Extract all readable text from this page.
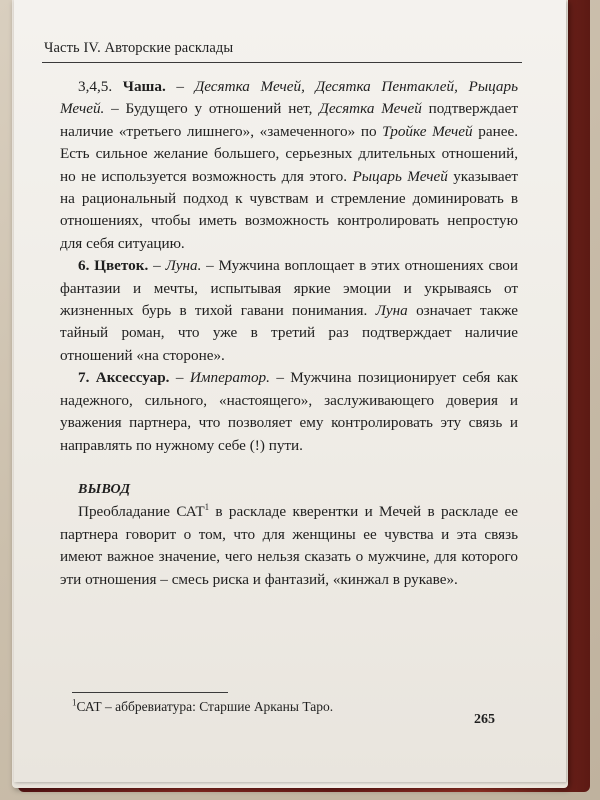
Часть IV. Авторские расклады

3,4,5. Чаша. – Десятка Мечей, Десятка Пентаклей, Рыцарь Мечей. – Будущего у отношений нет, Десятка Мечей подтверждает наличие «третьего лишнего», «замеченного» по Тройке Мечей ранее. Есть сильное желание большего, серьезных длительных отношений, но не используется возможность для этого. Рыцарь Мечей указывает на рациональный подход к чувствам и стремление доминировать в отношениях, чтобы иметь возможность контролировать непростую для себя ситуацию.

6. Цветок. – Луна. – Мужчина воплощает в этих отношениях свои фантазии и мечты, испытывая яркие эмоции и укрываясь от жизненных бурь в тихой гавани понимания. Луна означает также тайный роман, что уже в третий раз подтверждает наличие отношений «на стороне».

7. Аксессуар. – Император. – Мужчина позиционирует себя как надежного, сильного, «настоящего», заслуживающего доверия и уважения партнера, что позволяет ему контролировать эту связь и направлять по нужному себе (!) пути.

ВЫВОД

Преобладание САТ$^1$ в раскладе кверентки и Мечей в раскладе ее партнера говорит о том, что для женщины ее чувства и эта связь имеют важное значение, чего нельзя сказать о мужчине, для которого эти отношения – смесь риска и фантазий, «кинжал в рукаве».

$^1$САТ – аббревиатура: Старшие Арканы Таро.
265
